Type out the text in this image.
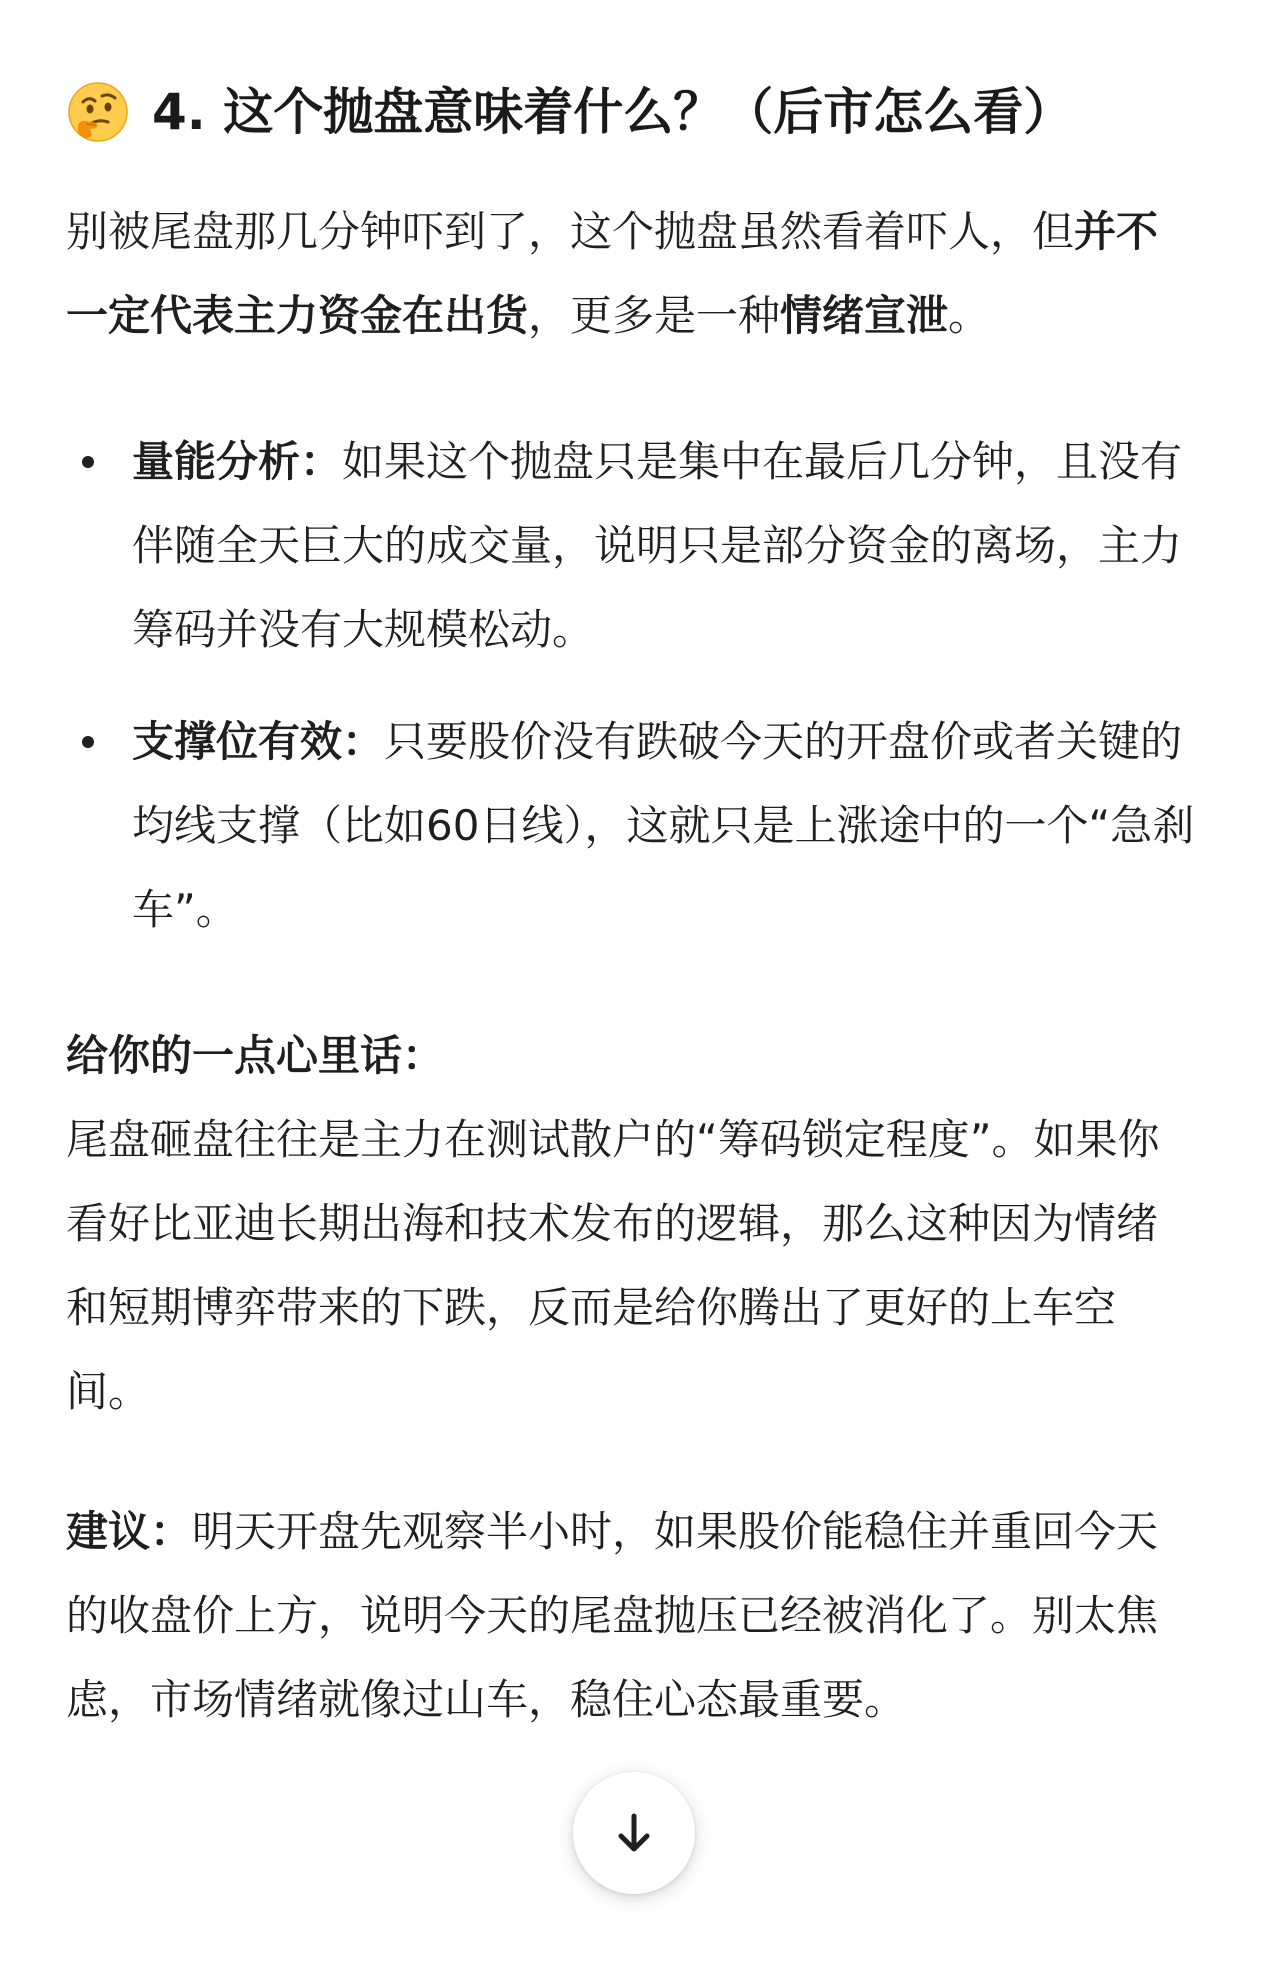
4. 这个抛盘意味着什么？（后市怎么看）

别被尾盘那几分钟吓到了，这个抛盘虽然看着吓人，但并不一定代表主力资金在出货，更多是一种情绪宣泄。

量能分析：如果这个抛盘只是集中在最后几分钟，且没有伴随全天巨大的成交量，说明只是部分资金的离场，主力筹码并没有大规模松动。
支撑位有效：只要股价没有跌破今天的开盘价或者关键的均线支撑（比如60日线），这就只是上涨途中的一个“急刹车”。

给你的一点心里话：

尾盘砸盘往往是主力在测试散户的“筹码锁定程度”。如果你看好比亚迪长期出海和技术发布的逻辑，那么这种因为情绪和短期博弈带来的下跌，反而是给你腾出了更好的上车空间。

建议：明天开盘先观察半小时，如果股价能稳住并重回今天的收盘价上方，说明今天的尾盘抛压已经被消化了。别太焦虑，市场情绪就像过山车，稳住心态最重要。
